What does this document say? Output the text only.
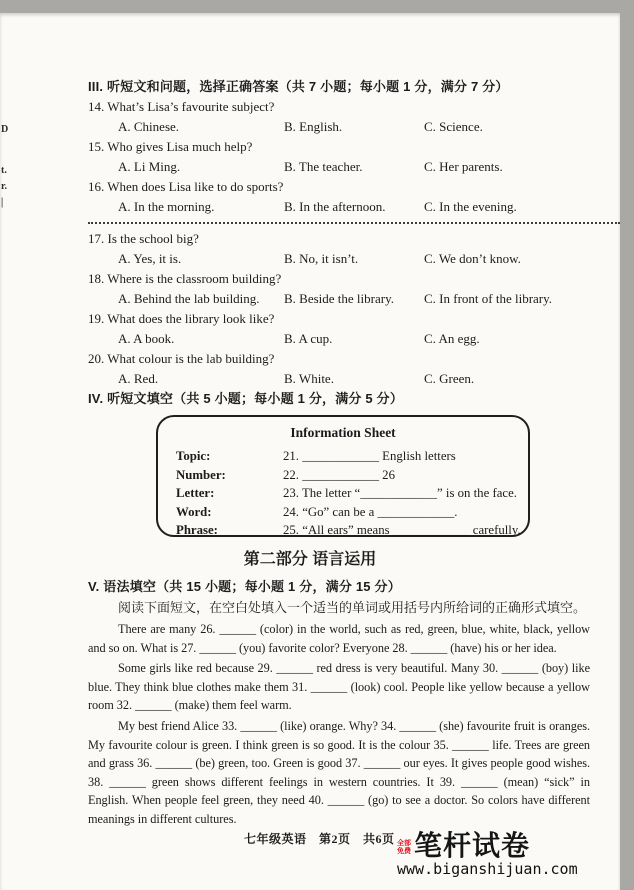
D
t.
r.
|
III. 听短文和问题，选择正确答案（共 7 小题；每小题 1 分，满分 7 分）
14. What’s Lisa’s favourite subject?
A. Chinese.	B. English.	C. Science.
15. Who gives Lisa much help?
A. Li Ming.	B. The teacher.	C. Her parents.
16. When does Lisa like to do sports?
A. In the morning.	B. In the afternoon.	C. In the evening.
17. Is the school big?
A. Yes, it is.	B. No, it isn’t.	C. We don’t know.
18. Where is the classroom building?
A. Behind the lab building.	B. Beside the library.	C. In front of the library.
19. What does the library look like?
A. A book.	B. A cup.	C. An egg.
20. What colour is the lab building?
A. Red.	B. White.	C. Green.
IV. 听短文填空（共 5 小题；每小题 1 分，满分 5 分）
Information Sheet
Topic:	21. ____________ English letters
Number:	22. ____________ 26
Letter:	23. The letter “____________” is on the face.
Word:	24. “Go” can be a ____________.
Phrase:	25. “All ears” means ____________ carefully.
第二部分 语言运用
V. 语法填空（共 15 小题；每小题 1 分，满分 15 分）
阅读下面短文，在空白处填入一个适当的单词或用括号内所给词的正确形式填空。
There are many 26. ______ (color) in the world, such as red, green, blue, white, black, yellow and so on. What is 27. ______ (you) favorite color? Everyone 28. ______ (have) his or her idea.
Some girls like red because 29. ______ red dress is very beautiful. Many 30. ______ (boy) like blue. They think blue clothes make them 31. ______ (look) cool. People like yellow because a yellow room 32. ______ (make) them feel warm.
My best friend Alice 33. ______ (like) orange. Why? 34. ______ (she) favourite fruit is oranges. My favourite colour is green. I think green is so good. It is the colour 35. ______ life. Trees are green and grass 36. ______ (be) green, too. Green is good 37. ______ our eyes. It gives people good wishes. 38. ______ green shows different feelings in western countries. It 39. ______ (mean) “sick” in English. When people feel green, they need 40. ______ (go) to see a doctor. So colors have different meanings in different cultures.
七年级英语　第2页　共6页 全部免费 笔杆试卷
www.biganshijuan.com
